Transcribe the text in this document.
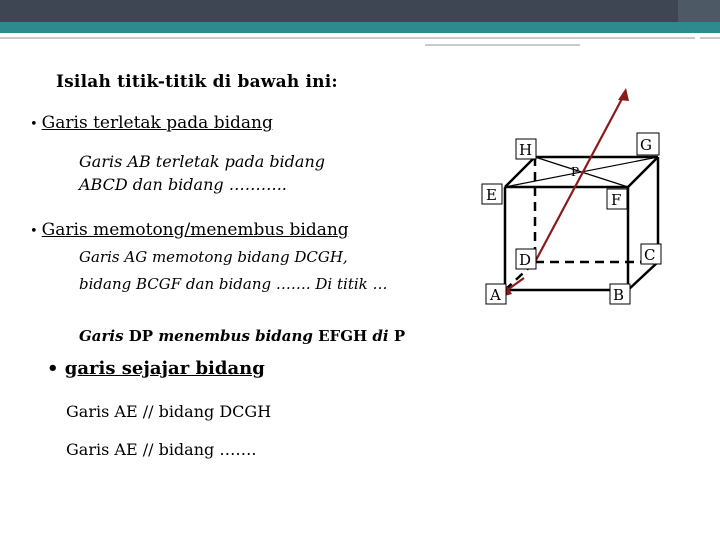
Isilah titik-titik di bawah ini:
• Garis terletak pada bidang
Garis AB terletak pada bidang
ABCD dan bidang ………..
• Garis memotong/menembus bidang
Garis AG memotong bidang DCGH,
bidang BCGF dan bidang ……. Di titik …
Garis DP menembus bidang EFGH di P
• garis sejajar bidang
Garis AE // bidang DCGH
Garis AE // bidang …….
H	G
E	F
P
D	C
A	B
